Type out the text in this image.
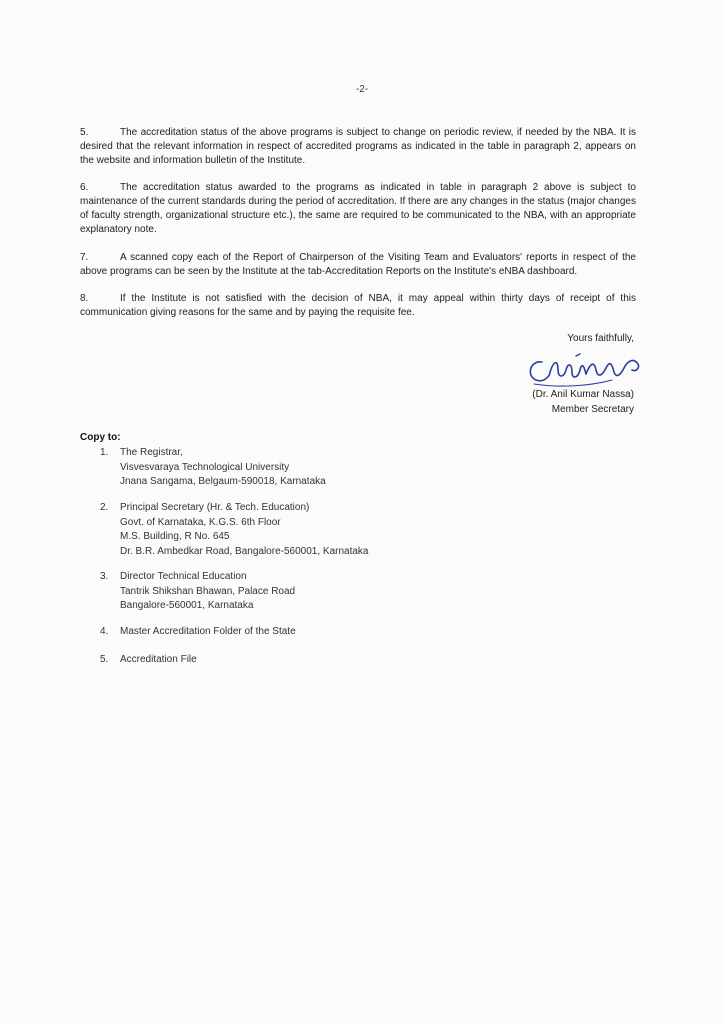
-2-
5.	The accreditation status of the above programs is subject to change on periodic review, if needed by the NBA. It is desired that the relevant information in respect of accredited programs as indicated in the table in paragraph 2, appears on the website and information bulletin of the Institute.
6.	The accreditation status awarded to the programs as indicated in table in paragraph 2 above is subject to maintenance of the current standards during the period of accreditation. If there are any changes in the status (major changes of faculty strength, organizational structure etc.), the same are required to be communicated to the NBA, with an appropriate explanatory note.
7.	A scanned copy each of the Report of Chairperson of the Visiting Team and Evaluators' reports in respect of the above programs can be seen by the Institute at the tab-Accreditation Reports on the Institute's eNBA dashboard.
8.	If the Institute is not satisfied with the decision of NBA, it may appeal within thirty days of receipt of this communication giving reasons for the same and by paying the requisite fee.
Yours faithfully,
(Dr. Anil Kumar Nassa)
Member Secretary
Copy to:
1.	The Registrar,
Visvesvaraya Technological University
Jnana Sangama, Belgaum-590018, Karnataka
2.	Principal Secretary (Hr. & Tech. Education)
Govt. of Karnataka, K.G.S. 6th Floor
M.S. Building, R No. 645
Dr. B.R. Ambedkar Road, Bangalore-560001, Karnataka
3.	Director Technical Education
Tantrik Shikshan Bhawan, Palace Road
Bangalore-560001, Karnataka
4.	Master Accreditation Folder of the State
5.	Accreditation File
